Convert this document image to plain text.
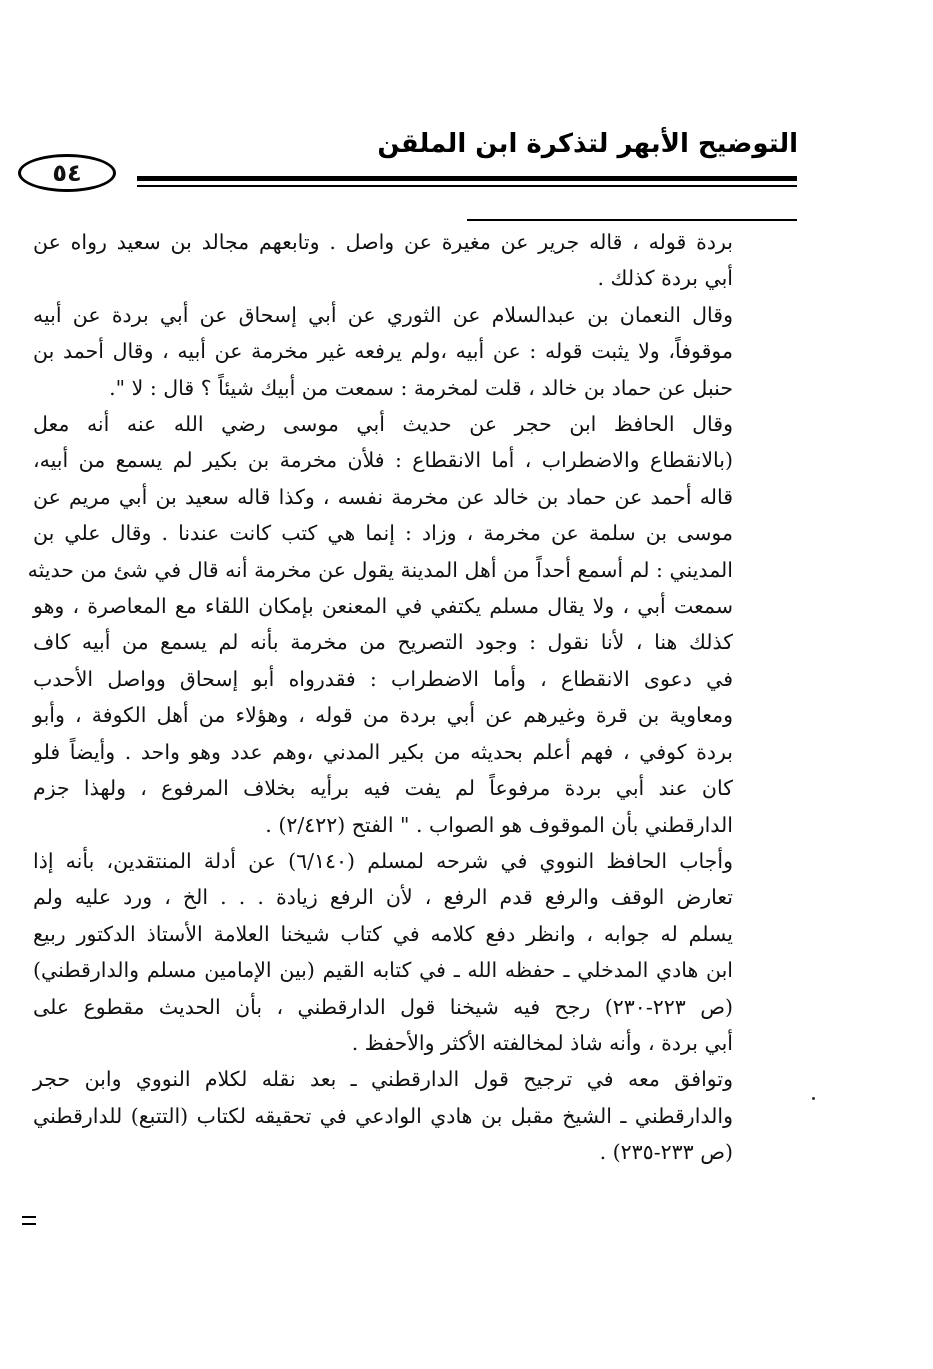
التوضيح الأبهر لتذكرة ابن الملقن
٥٤
بردة قوله ، قاله جرير عن مغيرة عن واصل . وتابعهم مجالد بن سعيد رواه عن
أبي بردة كذلك .
وقال النعمان بن عبدالسلام عن الثوري عن أبي إسحاق عن أبي بردة عن أبيه
موقوفاً، ولا يثبت قوله : عن أبيه ،ولم يرفعه غير مخرمة عن أبيه ، وقال أحمد بن
حنبل عن حماد بن خالد ، قلت لمخرمة : سمعت من أبيك شيئاً ؟ قال : لا ".
وقال الحافظ ابن حجر عن حديث أبي موسى رضي الله عنه أنه معل
(بالانقطاع والاضطراب ، أما الانقطاع : فلأن مخرمة بن بكير لم يسمع من أبيه،
قاله أحمد عن حماد بن خالد عن مخرمة نفسه ، وكذا قاله سعيد بن أبي مريم عن
موسى بن سلمة عن مخرمة ، وزاد : إنما هي كتب كانت عندنا . وقال علي بن
المديني : لم أسمع أحداً من أهل المدينة يقول عن مخرمة أنه قال في شئ من حديثه
سمعت أبي ، ولا يقال مسلم يكتفي في المعنعن بإمكان اللقاء مع المعاصرة ، وهو
كذلك هنا ، لأنا نقول : وجود التصريح من مخرمة بأنه لم يسمع من أبيه كاف
في دعوى الانقطاع ، وأما الاضطراب : فقدرواه أبو إسحاق وواصل الأحدب
ومعاوية بن قرة وغيرهم عن أبي بردة من قوله ، وهؤلاء من أهل الكوفة ، وأبو
بردة كوفي ، فهم أعلم بحديثه من بكير المدني ،وهم عدد وهو واحد . وأيضاً فلو
كان عند أبي بردة مرفوعاً لم يفت فيه برأيه بخلاف المرفوع ، ولهذا جزم
الدارقطني بأن الموقوف هو الصواب . " الفتح (٢/٤٢٢) .
وأجاب الحافظ النووي في شرحه لمسلم (٦/١٤٠) عن أدلة المنتقدين، بأنه إذا
تعارض الوقف والرفع قدم الرفع ، لأن الرفع زيادة . . . الخ ، ورد عليه ولم
يسلم له جوابه ، وانظر دفع كلامه في كتاب شيخنا العلامة الأستاذ الدكتور ربيع
ابن هادي المدخلي ـ حفظه الله ـ في كتابه القيم (بين الإمامين مسلم والدارقطني)
(ص ٢٢٣-٢٣٠) رجح فيه شيخنا قول الدارقطني ، بأن الحديث مقطوع على
أبي بردة ، وأنه شاذ لمخالفته الأكثر والأحفظ .
وتوافق معه في ترجيح قول الدارقطني ـ بعد نقله لكلام النووي وابن حجر
والدارقطني ـ الشيخ مقبل بن هادي الوادعي في تحقيقه لكتاب (التتبع) للدارقطني
(ص ٢٣٣-٢٣٥) .
